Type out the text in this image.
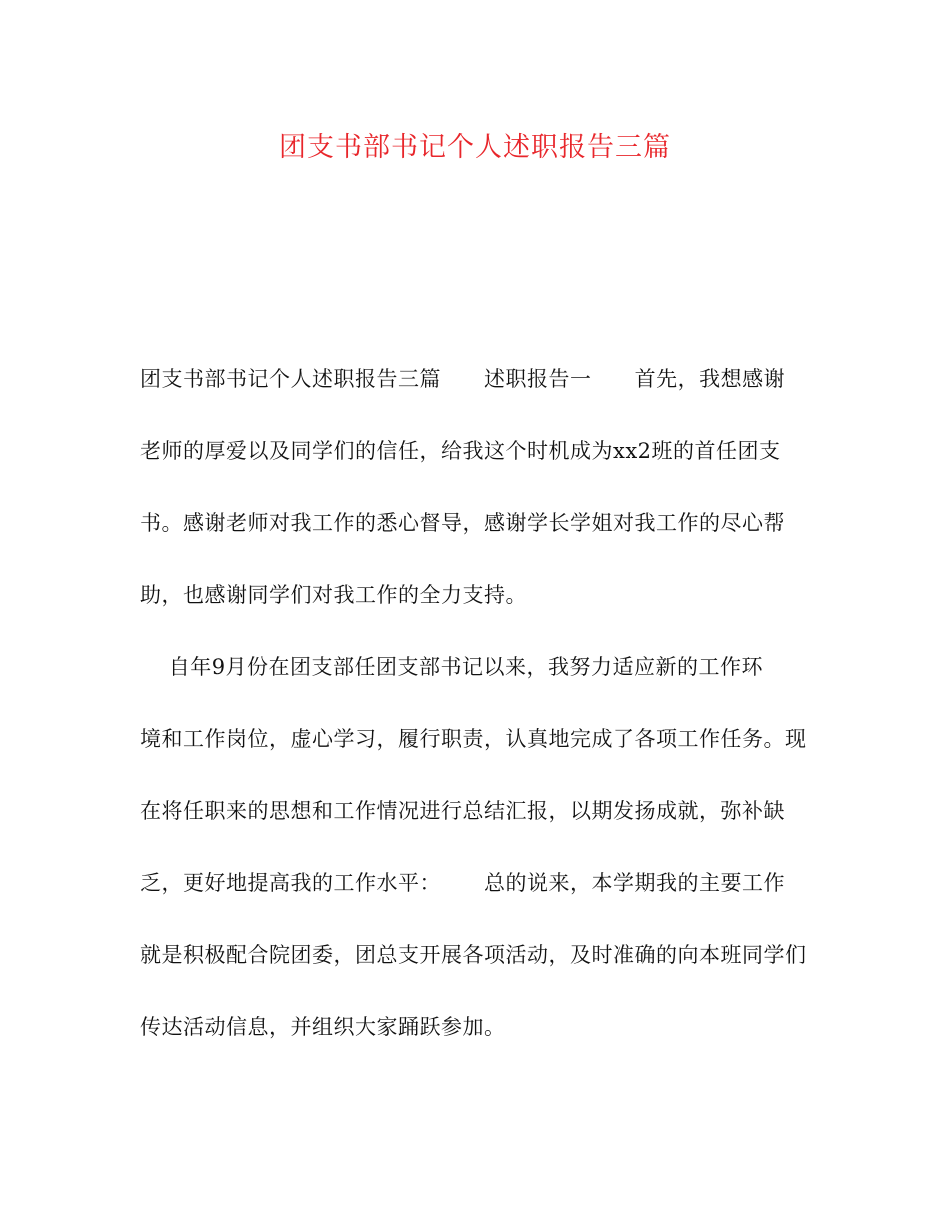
团支书部书记个人述职报告三篇
团支书部书记个人述职报告三篇      述职报告一      首先，我想感谢
老师的厚爱以及同学们的信任，给我这个时机成为xx2班的首任团支
书。感谢老师对我工作的悉心督导，感谢学长学姐对我工作的尽心帮
助，也感谢同学们对我工作的全力支持。
自年9月份在团支部任团支部书记以来，我努力适应新的工作环
境和工作岗位，虚心学习，履行职责，认真地完成了各项工作任务。现
在将任职来的思想和工作情况进行总结汇报，以期发扬成就，弥补缺
乏，更好地提高我的工作水平：      总的说来，本学期我的主要工作
就是积极配合院团委，团总支开展各项活动，及时准确的向本班同学们
传达活动信息，并组织大家踊跃参加。
